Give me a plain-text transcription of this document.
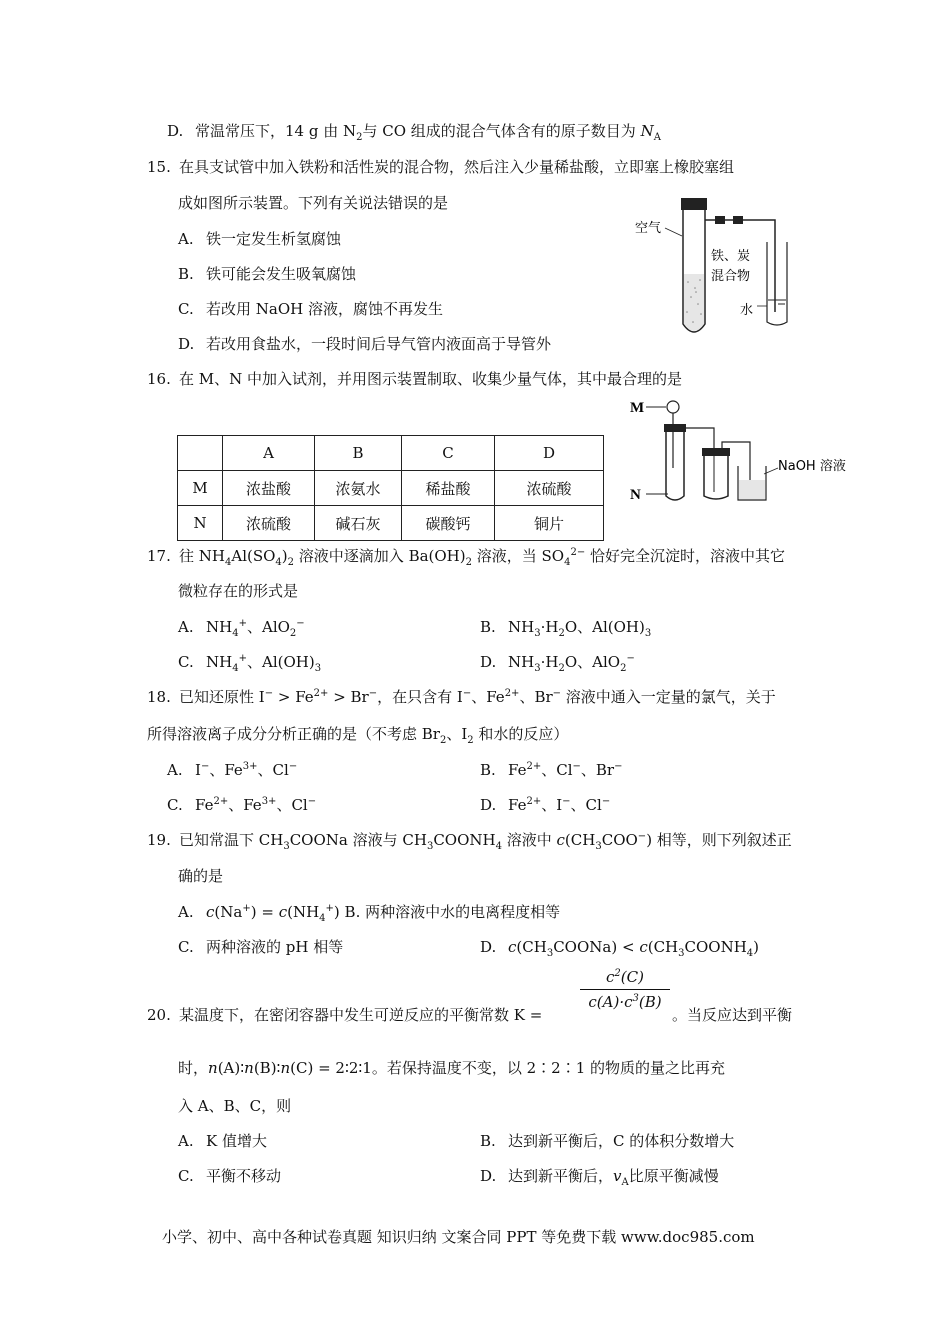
D. 常温常压下，14 g 由 $N_2$与 CO 组成的混合气体含有的原子数目为 $N_A$
15. 在具支试管中加入铁粉和活性炭的混合物，然后注入少量稀盐酸，立即塞上橡胶塞组
成如图所示装置。下列有关说法错误的是
A. 铁一定发生析氢腐蚀
B. 铁可能会发生吸氧腐蚀
C. 若改用 NaOH 溶液，腐蚀不再发生
D. 若改用食盐水，一段时间后导气管内液面高于导管外
空气
铁、炭
混合物
水
16. 在 M、N 中加入试剂，并用图示装置制取、收集少量气体，其中最合理的是
	A	B	C	D
M	浓盐酸	浓氨水	稀盐酸	浓硫酸
N	浓硫酸	碱石灰	碳酸钙	铜片
M
N
NaOH 溶液
17. 往 $NH_4Al(SO_4)_2$ 溶液中逐滴加入 $Ba(OH)_2$ 溶液，当 $SO_4^{2-}$ 恰好完全沉淀时，溶液中其它
微粒存在的形式是
A. $NH_4^+$、AlO$_2$−	B. $NH_3\cdot H_2O$、$Al(OH)_3$
C. $NH_4^+$、$Al(OH)_3$	D. $NH_3\cdot H_2O$、AlO$_2$−
18. 已知还原性 $I^- > Fe^{2+} > Br^-$，在只含有 I−、$Fe^{2+}$、Br− 溶液中通入一定量的氯气，关于
所得溶液离子成分分析正确的是（不考虑 $Br_2$、$I_2$ 和水的反应）
A. I−、$Fe^{3+}$、Cl−	B. $Fe^{2+}$、Cl−、Br−
C. $Fe^{2+}$、$Fe^{3+}$、Cl−	D. $Fe^{2+}$、I−、Cl−
19. 已知常温下 $CH_3COONa$ 溶液与 $CH_3COONH_4$ 溶液中 $c(CH_3COO^-)$ 相等，则下列叙述正
确的是
A. $c(Na^+) = c(NH_4^+)$ B. 两种溶液中水的电离程度相等
C. 两种溶液的 pH 相等	D. $c(CH_3COONa)$ < $c(CH_3COONH_4)$
$\frac{c^2(C)}{c(A)\cdot c^3(B)}$
20. 某温度下，在密闭容器中发生可逆反应的平衡常数 K =	。当反应达到平衡
时，n(A)∶n(B)∶n(C) = 2∶2∶1。若保持温度不变，以 2∶2∶1 的物质的量之比再充
入 A、B、C，则
A. K 值增大	B. 达到新平衡后，C 的体积分数增大
C. 平衡不移动	D. 达到新平衡后，$v_A$比原平衡减慢
小学、初中、高中各种试卷真题 知识归纳 文案合同 PPT 等免费下载 www.doc985.com
